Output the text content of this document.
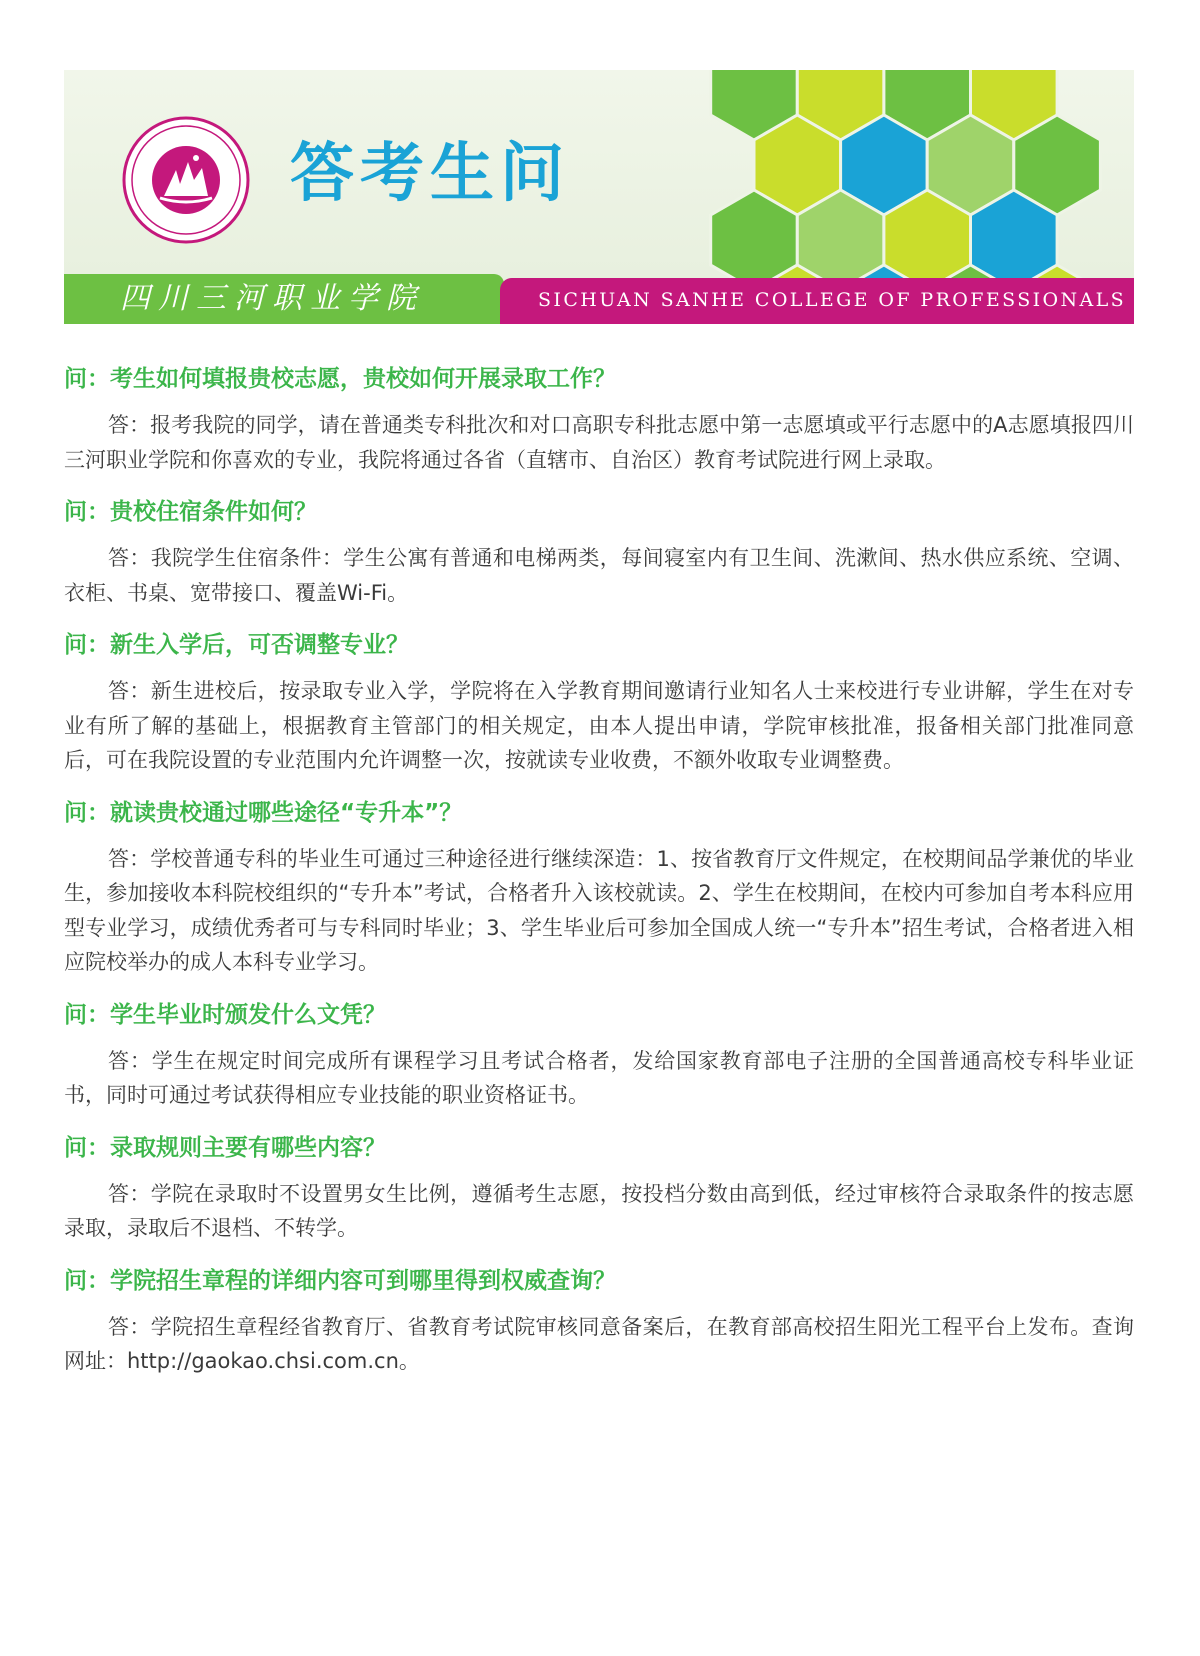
答考生问
四川三河职业学院	SICHUAN SANHE COLLEGE OF PROFESSIONALS
问：考生如何填报贵校志愿，贵校如何开展录取工作？
答：报考我院的同学，请在普通类专科批次和对口高职专科批志愿中第一志愿填或平行志愿中的A志愿填报四川三河职业学院和你喜欢的专业，我院将通过各省（直辖市、自治区）教育考试院进行网上录取。
问：贵校住宿条件如何？
答：我院学生住宿条件：学生公寓有普通和电梯两类，每间寝室内有卫生间、洗漱间、热水供应系统、空调、衣柜、书桌、宽带接口、覆盖Wi-Fi。
问：新生入学后，可否调整专业？
答：新生进校后，按录取专业入学，学院将在入学教育期间邀请行业知名人士来校进行专业讲解，学生在对专业有所了解的基础上，根据教育主管部门的相关规定，由本人提出申请，学院审核批准，报备相关部门批准同意后，可在我院设置的专业范围内允许调整一次，按就读专业收费，不额外收取专业调整费。
问：就读贵校通过哪些途径“专升本”？
答：学校普通专科的毕业生可通过三种途径进行继续深造：1、按省教育厅文件规定，在校期间品学兼优的毕业生，参加接收本科院校组织的“专升本”考试，合格者升入该校就读。2、学生在校期间，在校内可参加自考本科应用型专业学习，成绩优秀者可与专科同时毕业；3、学生毕业后可参加全国成人统一“专升本”招生考试，合格者进入相应院校举办的成人本科专业学习。
问：学生毕业时颁发什么文凭？
答：学生在规定时间完成所有课程学习且考试合格者，发给国家教育部电子注册的全国普通高校专科毕业证书，同时可通过考试获得相应专业技能的职业资格证书。
问：录取规则主要有哪些内容？
答：学院在录取时不设置男女生比例，遵循考生志愿，按投档分数由高到低，经过审核符合录取条件的按志愿录取，录取后不退档、不转学。
问：学院招生章程的详细内容可到哪里得到权威查询？
答：学院招生章程经省教育厅、省教育考试院审核同意备案后，在教育部高校招生阳光工程平台上发布。查询网址：http://gaokao.chsi.com.cn。
